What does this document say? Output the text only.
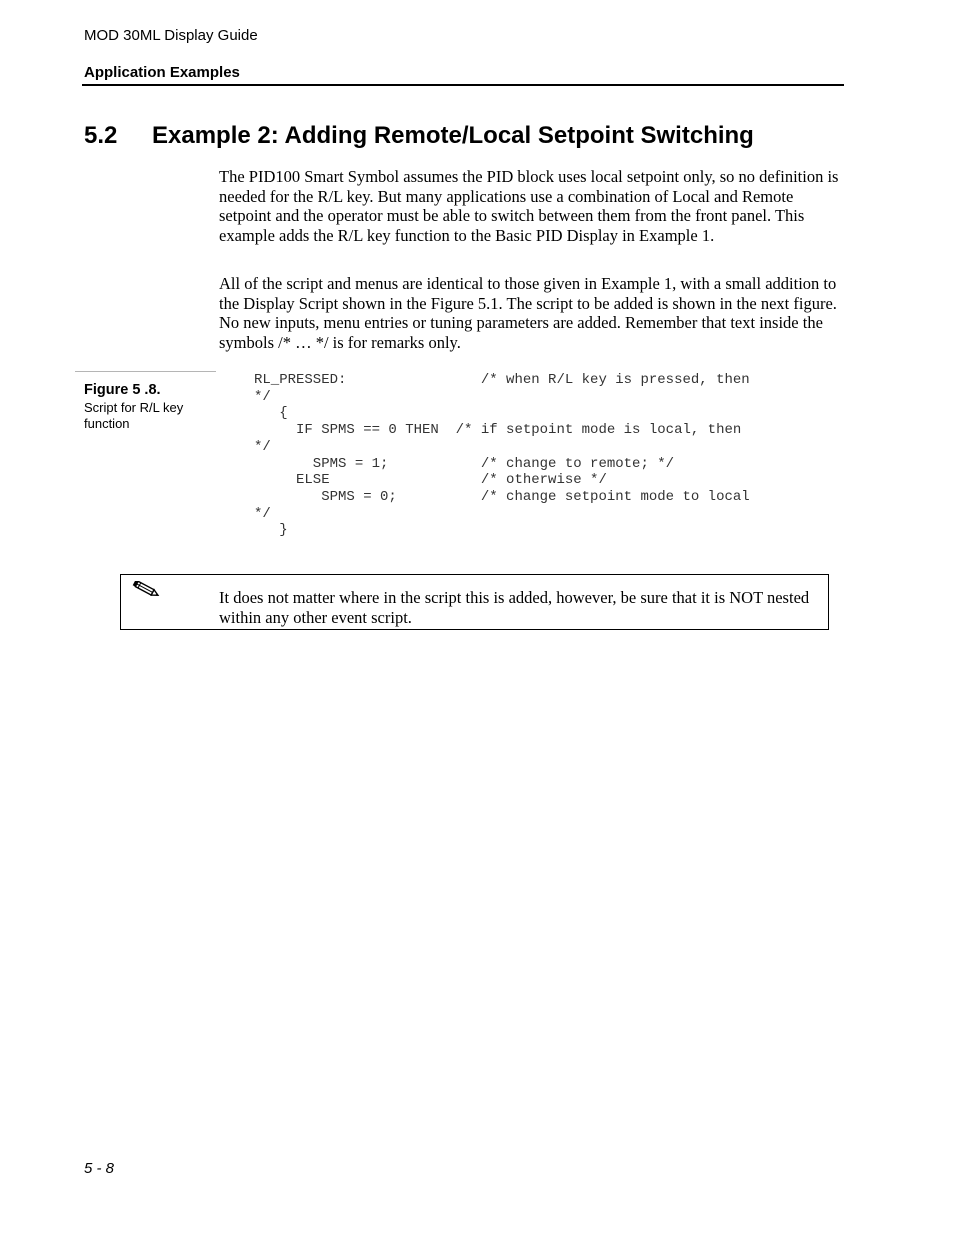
MOD 30ML Display Guide
Application Examples
5.2 Example 2: Adding Remote/Local Setpoint Switching
The PID100 Smart Symbol assumes the PID block uses local setpoint only, so no definition is needed for the R/L key. But many applications use a combination of Local and Remote setpoint and the operator must be able to switch between them from the front panel. This example adds the R/L key function to the Basic PID Display in Example 1.
All of the script and menus are identical to those given in Example 1, with a small addition to the Display Script shown in the Figure 5.1. The script to be added is shown in the next figure. No new inputs, menu entries or tuning parameters are added. Remember that text inside the symbols /* … */ is for remarks only.
Figure 5 .8.
Script for R/L key function
RL_PRESSED:                /* when R/L key is pressed, then
*/
{
IF SPMS == 0 THEN  /* if setpoint mode is local, then
*/
SPMS = 1;           /* change to remote; */
ELSE                  /* otherwise */
SPMS = 0;          /* change setpoint mode to local
*/
}
It does not matter where in the script this is added, however, be sure that it is NOT nested within any other event script.
5 - 8
